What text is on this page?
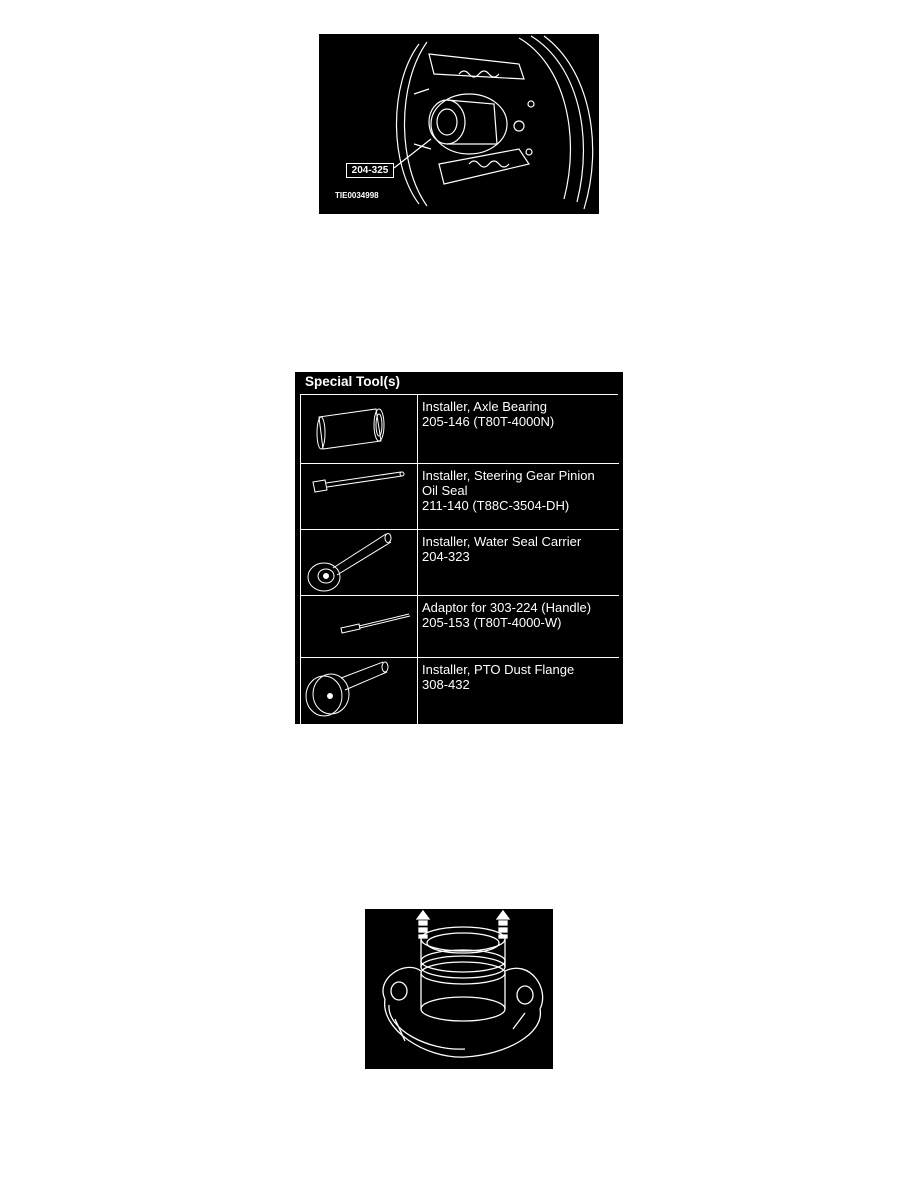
204-325
TIE0034998
Special Tool(s)
Installer, Axle Bearing
205-146 (T80T-4000N)
Installer, Steering Gear Pinion
Oil Seal
211-140 (T88C-3504-DH)
Installer, Water Seal Carrier
204-323
Adaptor for 303-224 (Handle)
205-153 (T80T-4000-W)
Installer, PTO Dust Flange
308-432
